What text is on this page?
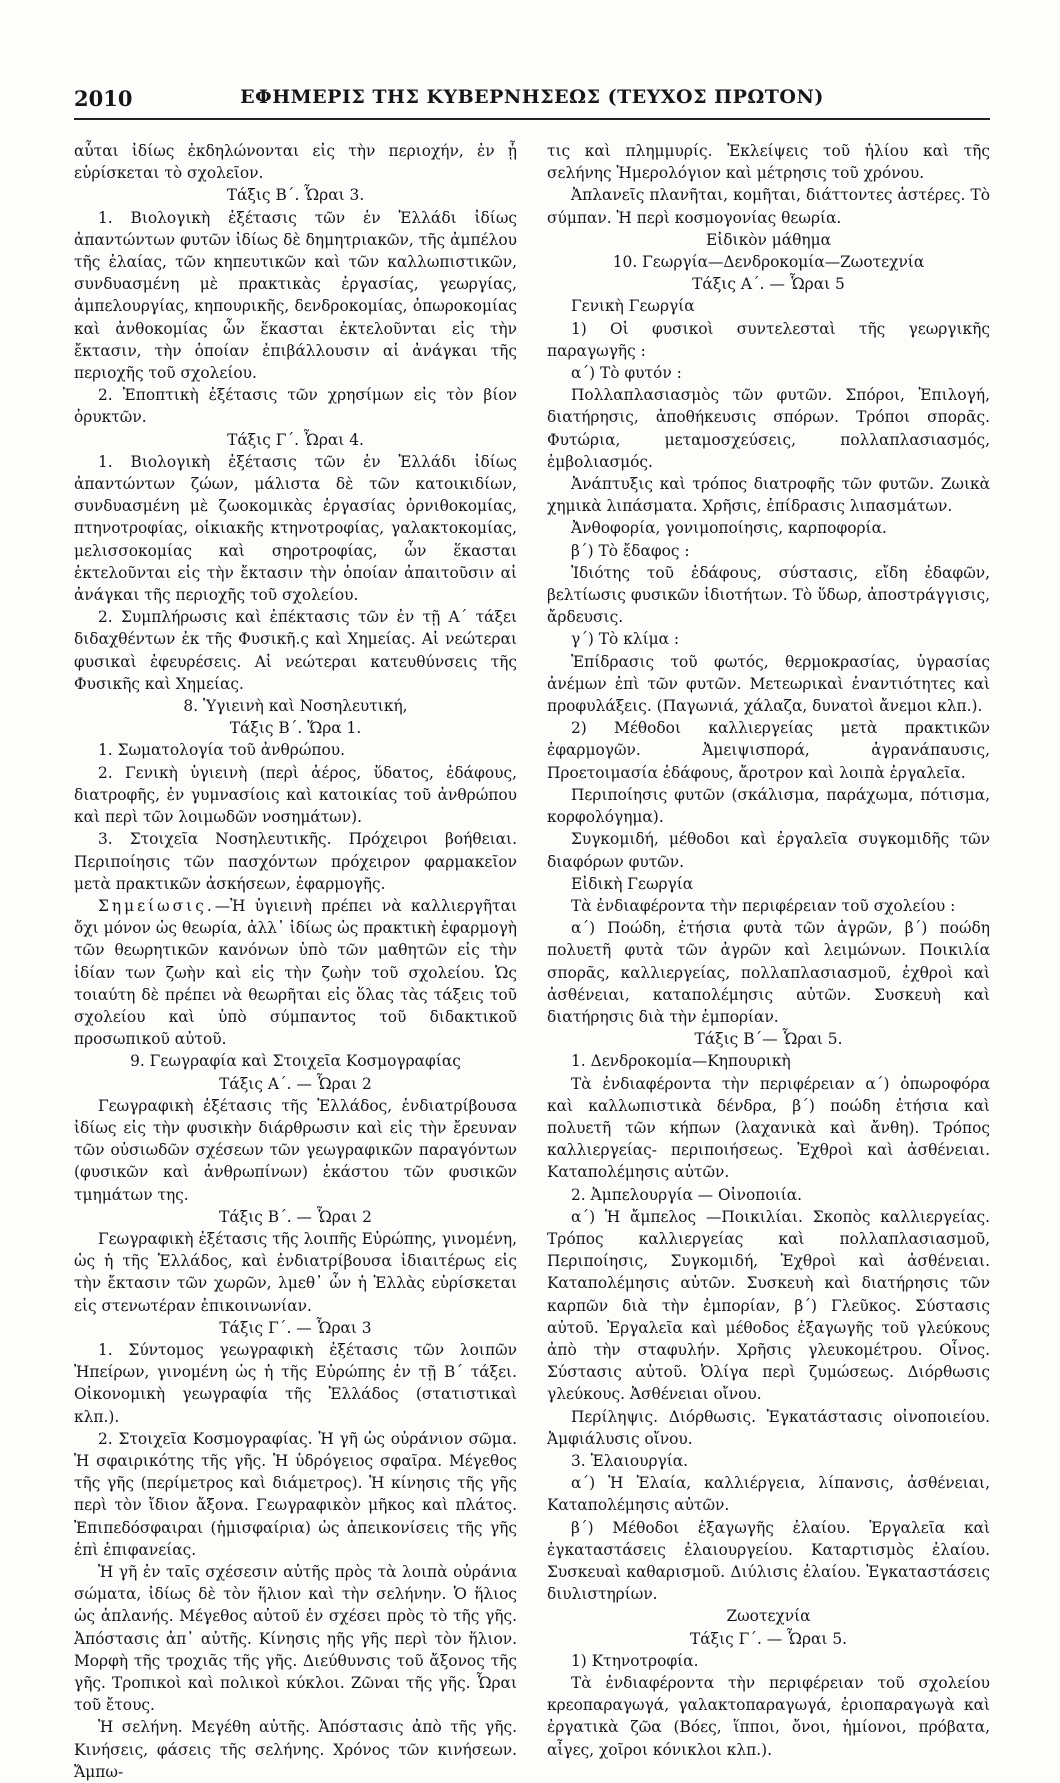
2010	ΕΦΗΜΕΡΙΣ ΤΗΣ ΚΥΒΕΡΝΗΣΕΩΣ (ΤΕΥΧΟΣ ΠΡΩΤΟΝ)

αὗται ἰδίως ἐκδηλώνονται εἰς τὴν περιοχήν, ἐν ᾗ εὑρίσκεται τὸ σχολεῖον.

Τάξις Β΄. Ὧραι 3.

1. Βιολογικὴ ἐξέτασις τῶν ἐν Ἑλλάδι ἰδίως ἀπαντώντων φυτῶν ἰδίως δὲ δημητριακῶν, τῆς ἀμπέλου τῆς ἐλαίας, τῶν κηπευτικῶν καὶ τῶν καλλωπιστικῶν, συνδυασμένη μὲ πρακτικὰς ἐργασίας, γεωργίας, ἀμπελουργίας, κηπουρικῆς, δενδροκομίας, ὀπωροκομίας καὶ ἀνθοκομίας ὧν ἕκασται ἐκτελοῦνται εἰς τὴν ἔκτασιν, τὴν ὁποίαν ἐπιβάλλουσιν αἱ ἀνάγκαι τῆς περιοχῆς τοῦ σχολείου.

2. Ἐποπτικὴ ἐξέτασις τῶν χρησίμων εἰς τὸν βίον ὀρυκτῶν.

Τάξις Γ΄. Ὧραι 4.

1. Βιολογικὴ ἐξέτασις τῶν ἐν Ἑλλάδι ἰδίως ἀπαντώντων ζώων, μάλιστα δὲ τῶν κατοικιδίων, συνδυασμένη μὲ ζωοκομικὰς ἐργασίας ὀρνιθοκομίας, πτηνοτροφίας, οἰκιακῆς κτηνοτροφίας, γαλακτοκομίας, μελισσοκομίας καὶ σηροτροφίας, ὧν ἕκασται ἐκτελοῦνται εἰς τὴν ἔκτασιν τὴν ὁποίαν ἀπαιτοῦσιν αἱ ἀνάγκαι τῆς περιοχῆς τοῦ σχολείου.

2. Συμπλήρωσις καὶ ἐπέκτασις τῶν ἐν τῇ Α΄ τάξει διδαχθέντων ἐκ τῆς Φυσικῆ.ς καὶ Χημείας. Αἱ νεώτεραι φυσικαὶ ἐφευρέσεις. Αἱ νεώτεραι κατευθύνσεις τῆς Φυσικῆς καὶ Χημείας.

8. Ὑγιεινὴ καὶ Νοσηλευτική,

Τάξις Β΄. Ὥρα 1.

1. Σωματολογία τοῦ ἀνθρώπου.

2. Γενικὴ ὑγιεινὴ (περὶ ἀέρος, ὕδατος, ἐδάφους, διατροφῆς, ἐν γυμνασίοις καὶ κατοικίας τοῦ ἀνθρώπου καὶ περὶ τῶν λοιμωδῶν νοσημάτων).

3. Στοιχεῖα Νοσηλευτικῆς. Πρόχειροι βοήθειαι. Περιποίησις τῶν πασχόντων πρόχειρον φαρμακεῖον μετὰ πρακτικῶν ἀσκήσεων, ἐφαρμογῆς.

Σημείωσις.—Ἡ ὑγιεινὴ πρέπει νὰ καλλιεργῆται ὄχι μόνον ὡς θεωρία, ἀλλ᾿ ἰδίως ὡς πρακτικὴ ἐφαρμογὴ τῶν θεωρητικῶν κανόνων ὑπὸ τῶν μαθητῶν εἰς τὴν ἰδίαν των ζωὴν καὶ εἰς τὴν ζωὴν τοῦ σχολείου. Ὡς τοιαύτη δὲ πρέπει νὰ θεωρῆται εἰς ὅλας τὰς τάξεις τοῦ σχολείου καὶ ὑπὸ σύμπαντος τοῦ διδακτικοῦ προσωπικοῦ αὐτοῦ.

9. Γεωγραφία καὶ Στοιχεῖα Κοσμογραφίας

Τάξις Α΄. — Ὧραι 2

Γεωγραφικὴ ἐξέτασις τῆς Ἑλλάδος, ἐνδιατρίβουσα ἰδίως εἰς τὴν φυσικὴν διάρθρωσιν καὶ εἰς τὴν ἔρευναν τῶν οὐσιωδῶν σχέσεων τῶν γεωγραφικῶν παραγόντων (φυσικῶν καὶ ἀνθρωπίνων) ἑκάστου τῶν φυσικῶν τμημάτων της.

Τάξις Β΄. — Ὧραι 2

Γεωγραφικὴ ἐξέτασις τῆς λοιπῆς Εὐρώπης, γινομένη, ὡς ἡ τῆς Ἑλλάδος, καὶ ἐνδιατρίβουσα ἰδιαιτέρως εἰς τὴν ἔκτασιν τῶν χωρῶν, λμεθ᾿ ὧν ἡ Ἑλλὰς εὑρίσκεται εἰς στενωτέραν ἐπικοινωνίαν.

Τάξις Γ΄. — Ὧραι 3

1. Σύντομος γεωγραφικὴ ἐξέτασις τῶν λοιπῶν Ἠπείρων, γινομένη ὡς ἡ τῆς Εὐρώπης ἐν τῇ Β΄ τάξει. Οἰκονομικὴ γεωγραφία τῆς Ἑλλάδος (στατιστικαὶ κλπ.).

2. Στοιχεῖα Κοσμογραφίας. Ἡ γῆ ὡς οὐράνιον σῶμα. Ἡ σφαιρικότης τῆς γῆς. Ἡ ὑδρόγειος σφαῖρα. Μέγεθος τῆς γῆς (περίμετρος καὶ διάμετρος). Ἡ κίνησις τῆς γῆς περὶ τὸν ἴδιον ἄξονα. Γεωγραφικὸν μῆκος καὶ πλάτος. Ἐπιπεδόσφαιραι (ἡμισφαίρια) ὡς ἀπεικονίσεις τῆς γῆς ἐπὶ ἐπιφανείας.

Ἡ γῆ ἐν ταῖς σχέσεσιν αὐτῆς πρὸς τὰ λοιπὰ οὐράνια σώματα, ἰδίως δὲ τὸν ἥλιον καὶ τὴν σελήνην. Ὁ ἥλιος ὡς ἀπλανής. Μέγεθος αὐτοῦ ἐν σχέσει πρὸς τὸ τῆς γῆς. Ἀπόστασις ἀπ᾿ αὐτῆς. Κίνησις ηῆς γῆς περὶ τὸν ἥλιον. Μορφὴ τῆς τροχιᾶς τῆς γῆς. Διεύθυνσις τοῦ ἄξονος τῆς γῆς. Τροπικοὶ καὶ πολικοὶ κύκλοι. Ζῶναι τῆς γῆς. Ὧραι τοῦ ἔτους.

Ἡ σελήνη. Μεγέθη αὐτῆς. Ἀπόστασις ἀπὸ τῆς γῆς. Κινήσεις, φάσεις τῆς σελήνης. Χρόνος τῶν κινήσεων. Ἄμπω-

τις καὶ πλημμυρίς. Ἐκλείψεις τοῦ ἡλίου καὶ τῆς σελήνης Ἡμερολόγιον καὶ μέτρησις τοῦ χρόνου.

Ἀπλανεῖς πλανῆται, κομῆται, διάττοντες ἀστέρες. Τὸ σύμπαν. Ἡ περὶ κοσμογονίας θεωρία.

Εἰδικὸν μάθημα

10. Γεωργία—Δενδροκομία—Ζωοτεχνία

Τάξις Α΄. — Ὧραι 5

Γενικὴ Γεωργία

1) Οἱ φυσικοὶ συντελεσταὶ τῆς γεωργικῆς παραγωγῆς :

α΄) Τὸ φυτόν :

Πολλαπλασιασμὸς τῶν φυτῶν. Σπόροι, Ἐπιλογή, διατήρησις, ἀποθήκευσις σπόρων. Τρόποι σπορᾶς. Φυτώρια, μεταμοσχεύσεις, πολλαπλασιασμός, ἐμβολιασμός.

Ἀνάπτυξις καὶ τρόπος διατροφῆς τῶν φυτῶν. Ζωικὰ χημικὰ λιπάσματα. Χρῆσις, ἐπίδρασις λιπασμάτων.

Ἀνθοφορία, γονιμοποίησις, καρποφορία.

β΄) Τὸ ἔδαφος :

Ἰδιότης τοῦ ἐδάφους, σύστασις, εἴδη ἐδαφῶν, βελτίωσις φυσικῶν ἰδιοτήτων. Τὸ ὕδωρ, ἀποστράγγισις, ἄρδευσις.

γ΄) Τὸ κλίμα :

Ἐπίδρασις τοῦ φωτός, θερμοκρασίας, ὑγρασίας ἀνέμων ἐπὶ τῶν φυτῶν. Μετεωρικαὶ ἐναντιότητες καὶ προφυλάξεις. (Παγωνιά, χάλαζα, δυνατοὶ ἄνεμοι κλπ.).

2) Μέθοδοι καλλιεργείας μετὰ πρακτικῶν ἐφαρμογῶν. Ἀμειψισπορά, ἀγρανάπαυσις, Προετοιμασία ἐδάφους, ἄροτρον καὶ λοιπὰ ἐργαλεῖα.

Περιποίησις φυτῶν (σκάλισμα, παράχωμα, πότισμα, κορφολόγημα).

Συγκομιδή, μέθοδοι καὶ ἐργαλεῖα συγκομιδῆς τῶν διαφόρων φυτῶν.

Εἰδικὴ Γεωργία

Τὰ ἐνδιαφέροντα τὴν περιφέρειαν τοῦ σχολείου :

α΄) Ποώδη, ἐτήσια φυτὰ τῶν ἀγρῶν, β΄) ποώδη πολυετῆ φυτὰ τῶν ἀγρῶν καὶ λειμώνων. Ποικιλία σπορᾶς, καλλιεργείας, πολλαπλασιασμοῦ, ἐχθροὶ καὶ ἀσθένειαι, καταπολέμησις αὐτῶν. Συσκευὴ καὶ διατήρησις διὰ τὴν ἐμπορίαν.

Τάξις Β΄— Ὧραι 5.

1. Δενδροκομία—Κηπουρικὴ

Τὰ ἐνδιαφέροντα τὴν περιφέρειαν α΄) ὀπωροφόρα καὶ καλλωπιστικὰ δένδρα, β΄) ποώδη ἐτήσια καὶ πολυετῆ τῶν κήπων (λαχανικὰ καὶ ἄνθη). Τρόπος καλλιεργείας- περιποιήσεως. Ἐχθροὶ καὶ ἀσθένειαι. Καταπολέμησις αὐτῶν.

2. Ἀμπελουργία — Οἰνοποιία.

α΄) Ἡ ἄμπελος —Ποικιλίαι. Σκοπὸς καλλιεργείας. Τρόπος καλλιεργείας καὶ πολλαπλασιασμοῦ, Περιποίησις, Συγκομιδή, Ἐχθροὶ καὶ ἀσθένειαι. Καταπολέμησις αὐτῶν. Συσκευὴ καὶ διατήρησις τῶν καρπῶν διὰ τὴν ἐμπορίαν, β΄) Γλεῦκος. Σύστασις αὐτοῦ. Ἐργαλεῖα καὶ μέθοδος ἐξαγωγῆς τοῦ γλεύκους ἀπὸ τὴν σταφυλήν. Χρῆσις γλευκομέτρου. Οἶνος. Σύστασις αὐτοῦ. Ὀλίγα περὶ ζυμώσεως. Διόρθωσις γλεύκους. Ἀσθένειαι οἴνου.

Περίληψις. Διόρθωσις. Ἐγκατάστασις οἰνοποιείου. Ἀμφιάλυσις οἴνου.

3. Ἐλαιουργία.

α΄) Ἡ Ἐλαία, καλλιέργεια, λίπανσις, ἀσθένειαι, Καταπολέμησις αὐτῶν.

β΄) Μέθοδοι ἐξαγωγῆς ἐλαίου. Ἐργαλεῖα καὶ ἐγκαταστάσεις ἐλαιουργείου. Καταρτισμὸς ἐλαίου. Συσκευαὶ καθαρισμοῦ. Διύλισις ἐλαίου. Ἐγκαταστάσεις διυλιστηρίων.

Ζωοτεχνία

Τάξις Γ΄. — Ὧραι 5.

1) Κτηνοτροφία.

Τὰ ἐνδιαφέροντα τὴν περιφέρειαν τοῦ σχολείου κρεοπαραγωγά, γαλακτοπαραγωγά, ἐριοπαραγωγὰ καὶ ἐργατικὰ ζῶα (Βόες, ἵπποι, ὄνοι, ἡμίονοι, πρόβατα, αἶγες, χοῖροι κόνικλοι κλπ.).
